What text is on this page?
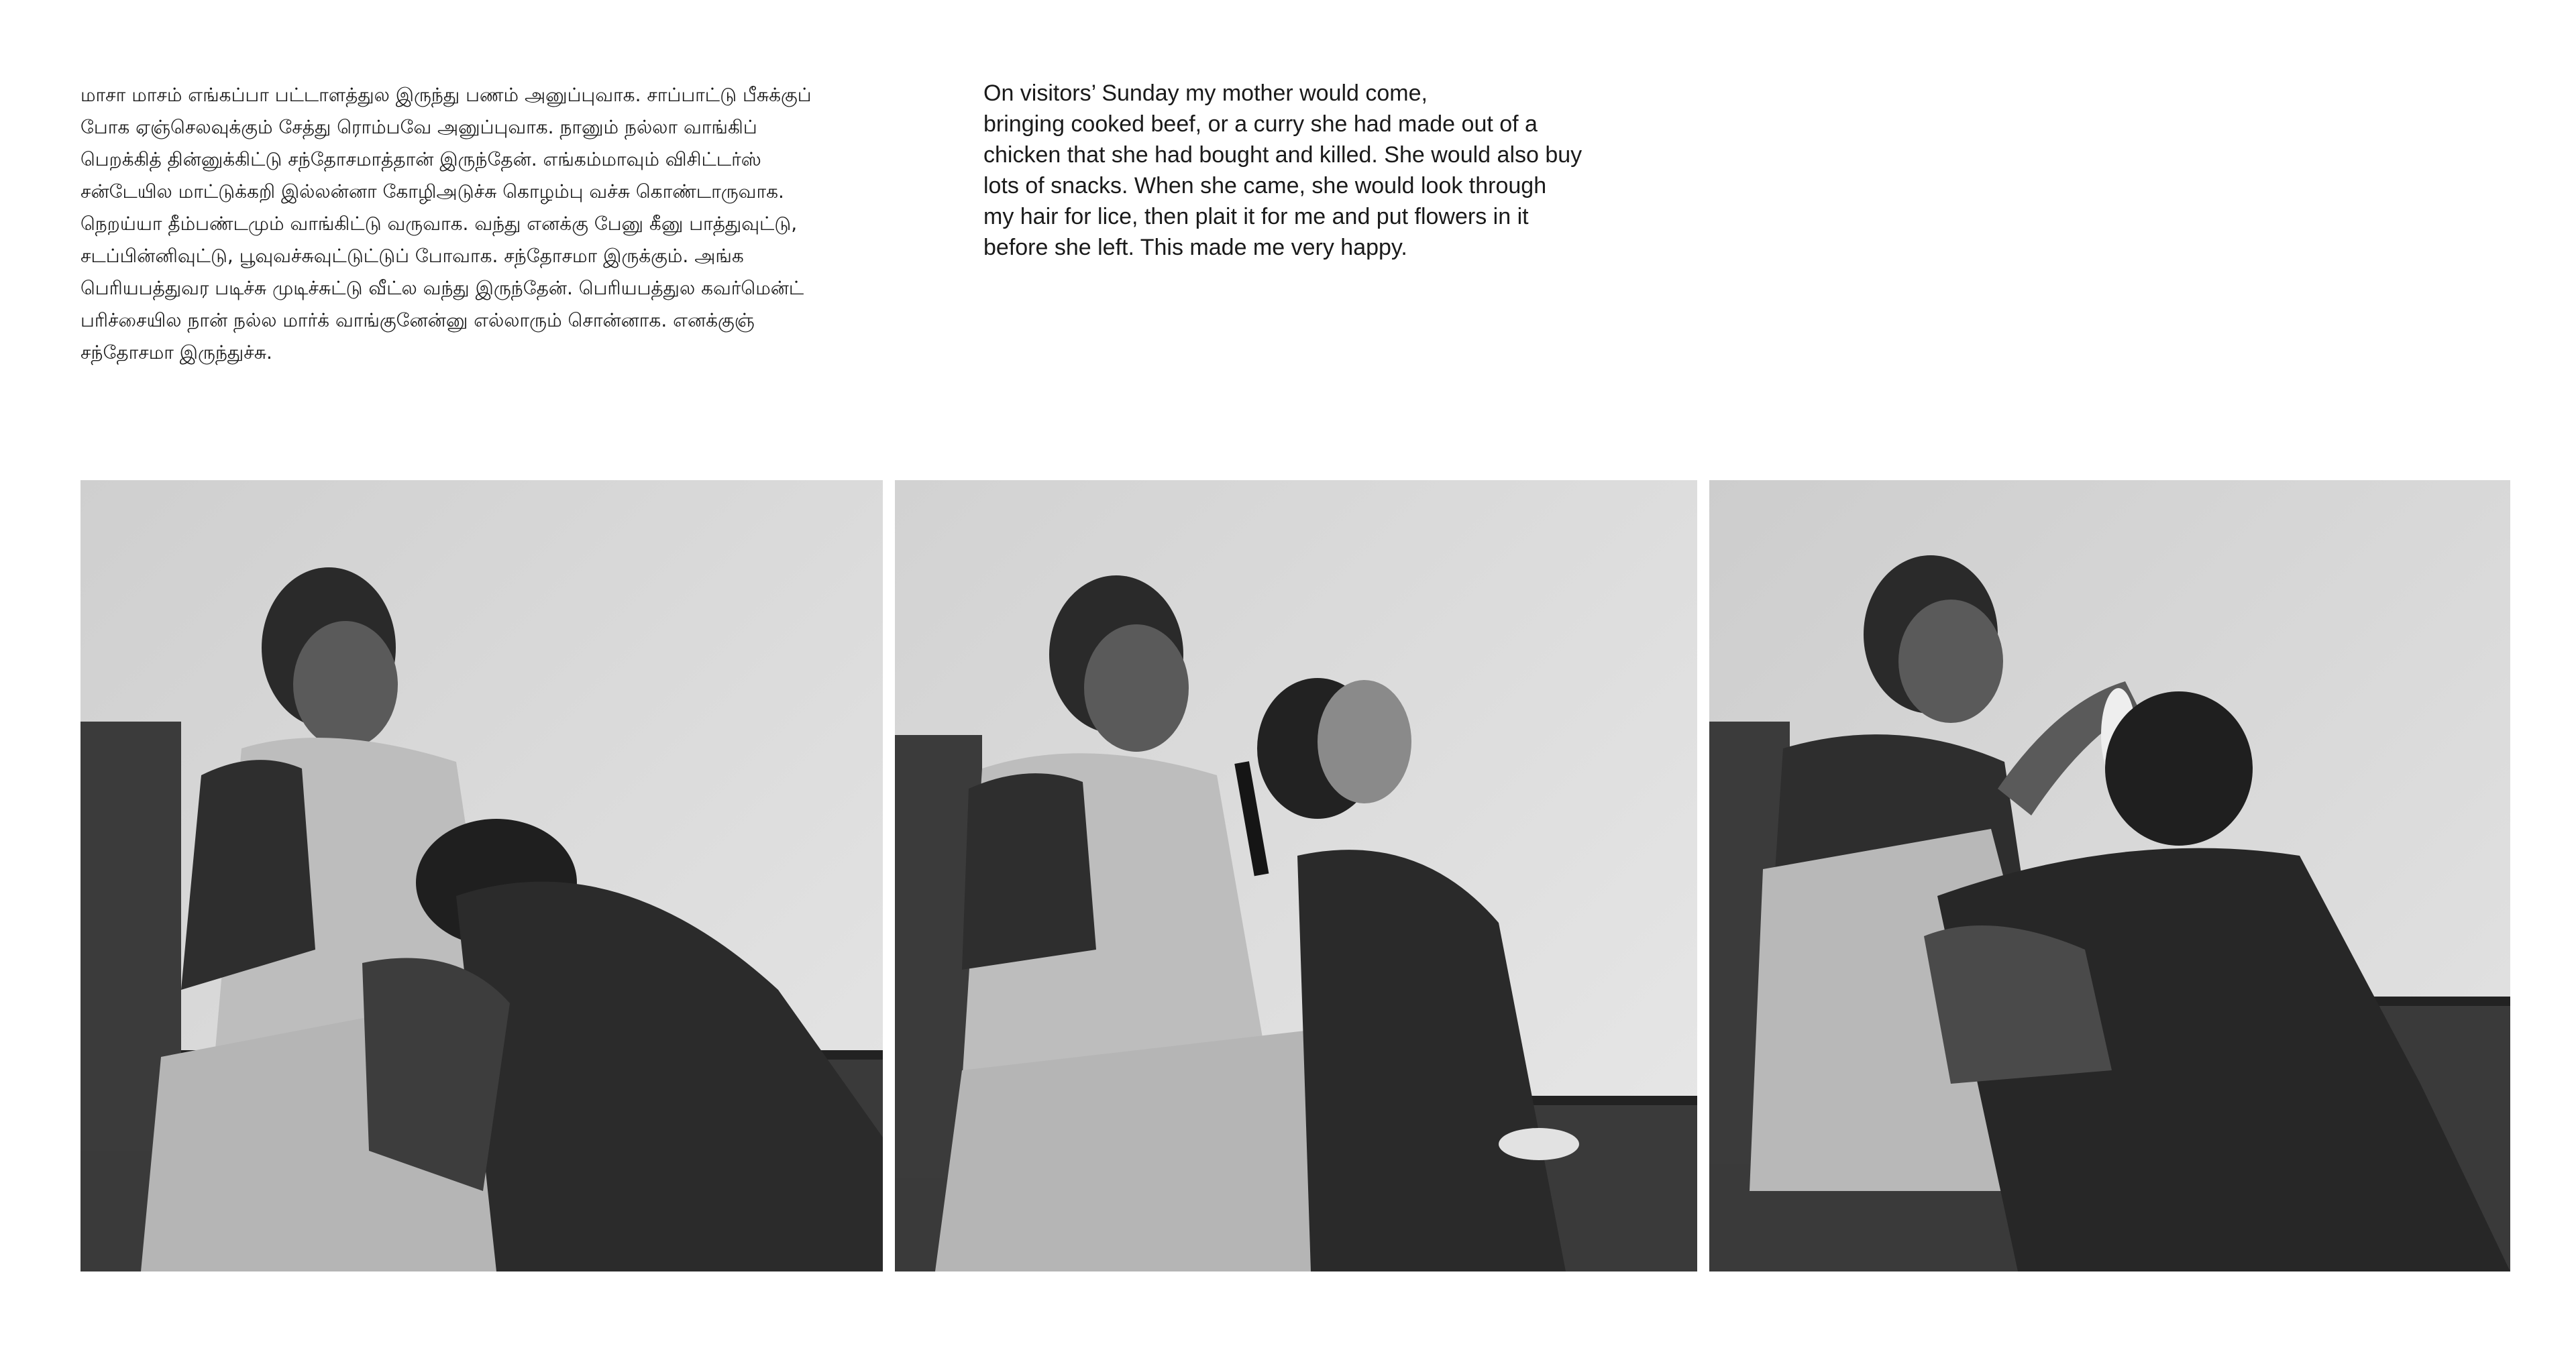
மாசா மாசம் எங்கப்பா பட்டாளத்துல இருந்து பணம் அனுப்புவாக. சாப்பாட்டு பீசுக்குப்

போக ஏஞ்செலவுக்கும் சேத்து ரொம்பவே அனுப்புவாக. நானும் நல்லா வாங்கிப்

பெறக்கித் தின்னுக்கிட்டு சந்தோசமாத்தான் இருந்தேன். எங்கம்மாவும் விசிட்டர்ஸ்

சன்டேயில மாட்டுக்கறி இல்லன்னா கோழிஅடுச்சு கொழம்பு வச்சு கொண்டாருவாக.

நெறய்யா தீம்பண்டமும் வாங்கிட்டு வருவாக. வந்து எனக்கு பேனு கீனு பாத்துவுட்டு,

சடப்பின்னிவுட்டு, பூவுவச்சுவுட்டுட்டுப் போவாக. சந்தோசமா இருக்கும். அங்க

பெரியபத்துவர படிச்சு முடிச்சுட்டு வீட்ல வந்து இருந்தேன். பெரியபத்துல கவர்மென்ட்

பரிச்சையில நான் நல்ல மார்க் வாங்குனேன்னு எல்லாரும் சொன்னாக. எனக்குஞ்

சந்தோசமா இருந்துச்சு.

On visitors’ Sunday my mother would come,

bringing cooked beef, or a curry she had made out of a

chicken that she had bought and killed. She would also buy

lots of snacks. When she came, she would look through

my hair for lice, then plait it for me and put flowers in it

before she left. This made me very happy.
